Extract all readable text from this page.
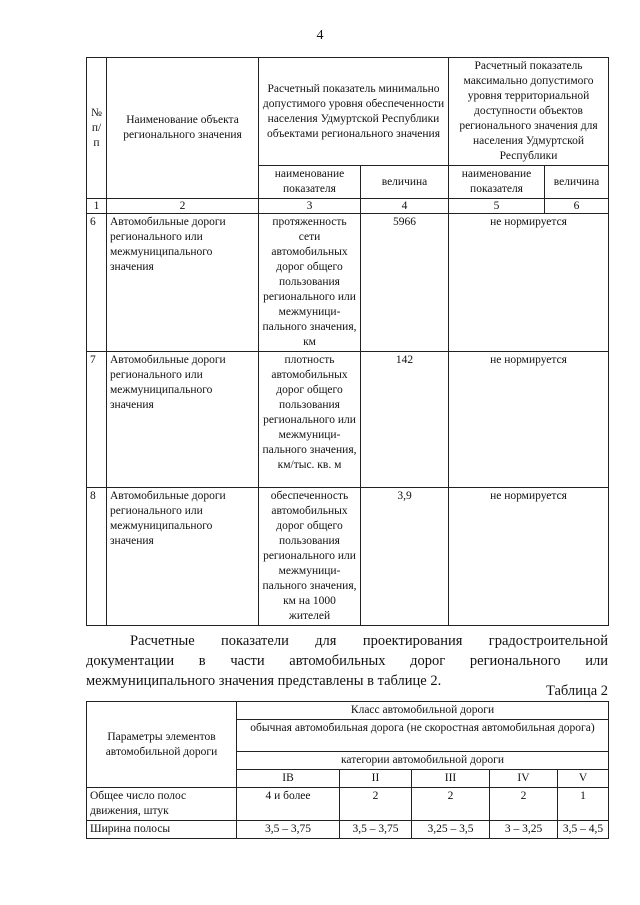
4
№ п/п	Наименование объекта регионального значения	Расчетный показатель минимально допустимого уровня обеспеченности населения Удмуртской Республики объектами регионального значения		Расчетный показатель максимально допустимого уровня территориальной доступности объектов регионального значения для населения Удмуртской Республики	
		наименование показателя	величина	наименование показателя	величина
1	2	3	4	5	6
6	Автомобильные дороги регионального или межмуниципального значения	протяженность сети автомобильных дорог общего пользования регионального или межмуници-пального значения, км	5966	не нормируется	
7	Автомобильные дороги регионального или межмуниципального значения	плотность автомобильных дорог общего пользования регионального или межмуници-пального значения, км/тыс. кв. м	142	не нормируется	
8	Автомобильные дороги регионального или межмуниципального значения	обеспеченность автомобильных дорог общего пользования регионального или межмуници-пального значения, км на 1000 жителей	3,9	не нормируется	
Расчетные показатели для проектирования градостроительной документации в части автомобильных дорог регионального или межмуниципального значения представлены в таблице 2.
Таблица 2
Параметры элементов автомобильной дороги	Класс автомобильной дороги				
	обычная автомобильная дорога (не скоростная автомобильная дорога)				
	категории автомобильной дороги				
	IB	II	III	IV	V
Общее число полос движения, штук	4 и более	2	2	2	1
Ширина полосы	3,5 – 3,75	3,5 – 3,75	3,25 – 3,5	3 – 3,25	3,5 – 4,5
